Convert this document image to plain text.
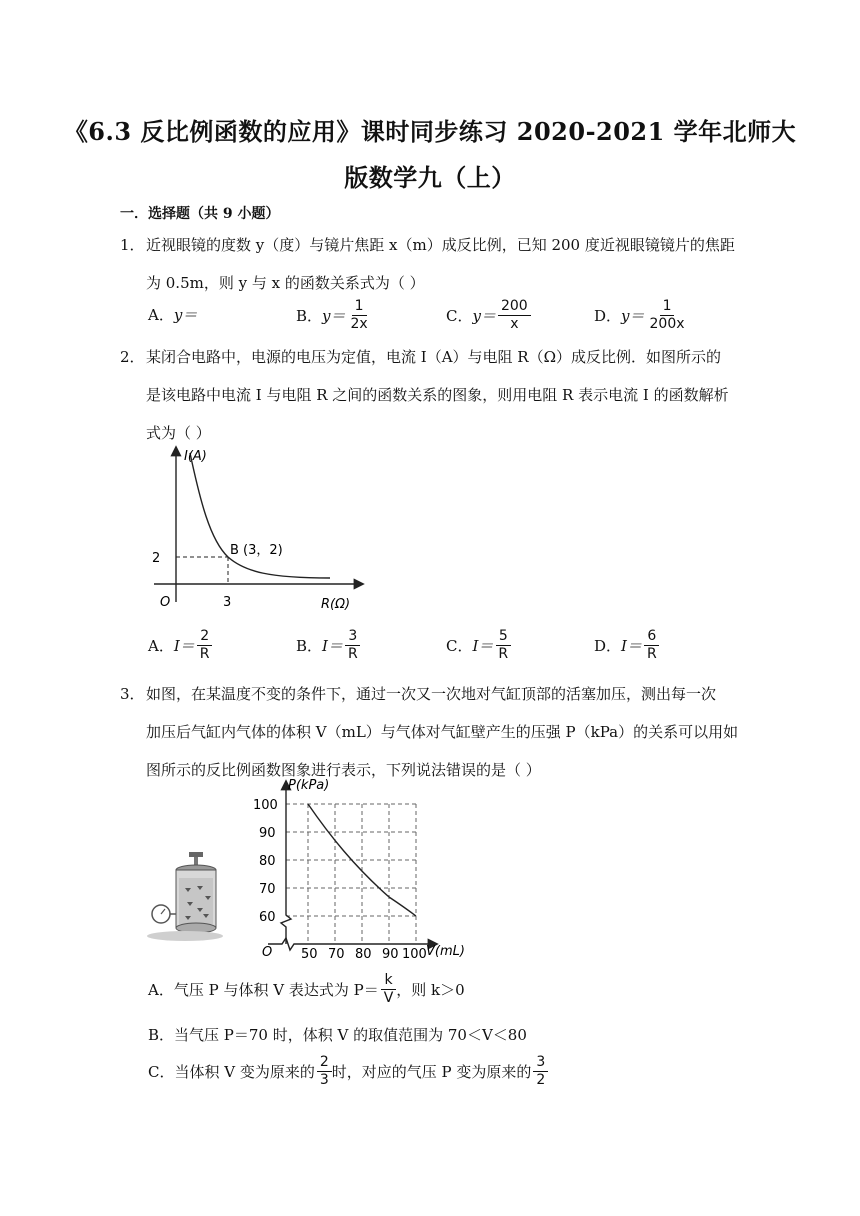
《6.3 反比例函数的应用》课时同步练习 2020-2021 学年北师大
版数学九（上）
一．选择题（共 9 小题）
1．近视眼镜的度数 y（度）与镜片焦距 x（m）成反比例，已知 200 度近视眼镜镜片的焦距
为 0.5m，则 y 与 x 的函数关系式为（ ）
A． y＝	B． $y= \frac{1}{2x}$	C． $y= \frac{200}{x}$	D． $y= \frac{1}{200x}$
2．某闭合电路中，电源的电压为定值，电流 I（A）与电阻 R（Ω）成反比例．如图所示的
是该电路中电流 I 与电阻 R 之间的函数关系的图象，则用电阻 R 表示电流 I 的函数解析
式为（ ）
I(A)
R(Ω)
O
2
3
B (3，2)
A． $I= \frac{2}{R}$	B． $I= \frac{3}{R}$	C． $I= \frac{5}{R}$	D． $I= \frac{6}{R}$
3．如图，在某温度不变的条件下，通过一次又一次地对气缸顶部的活塞加压，测出每一次
加压后气缸内气体的体积 V（mL）与气体对气缸壁产生的压强 P（kPa）的关系可以用如
图所示的反比例函数图象进行表示，下列说法错误的是（ ）
P(kPa)
V(mL)
O
100
90
80
70
60
50 70 80 90 100
A．气压 P 与体积 V 表达式为 $P= \frac{k}{V}$ ，则 k＞0
B．当气压 P＝70 时，体积 V 的取值范围为 70＜V＜80
C．当体积 V 变为原来的 $\frac{2}{3}$ 时，对应的气压 P 变为原来的 $\frac{3}{2}$
